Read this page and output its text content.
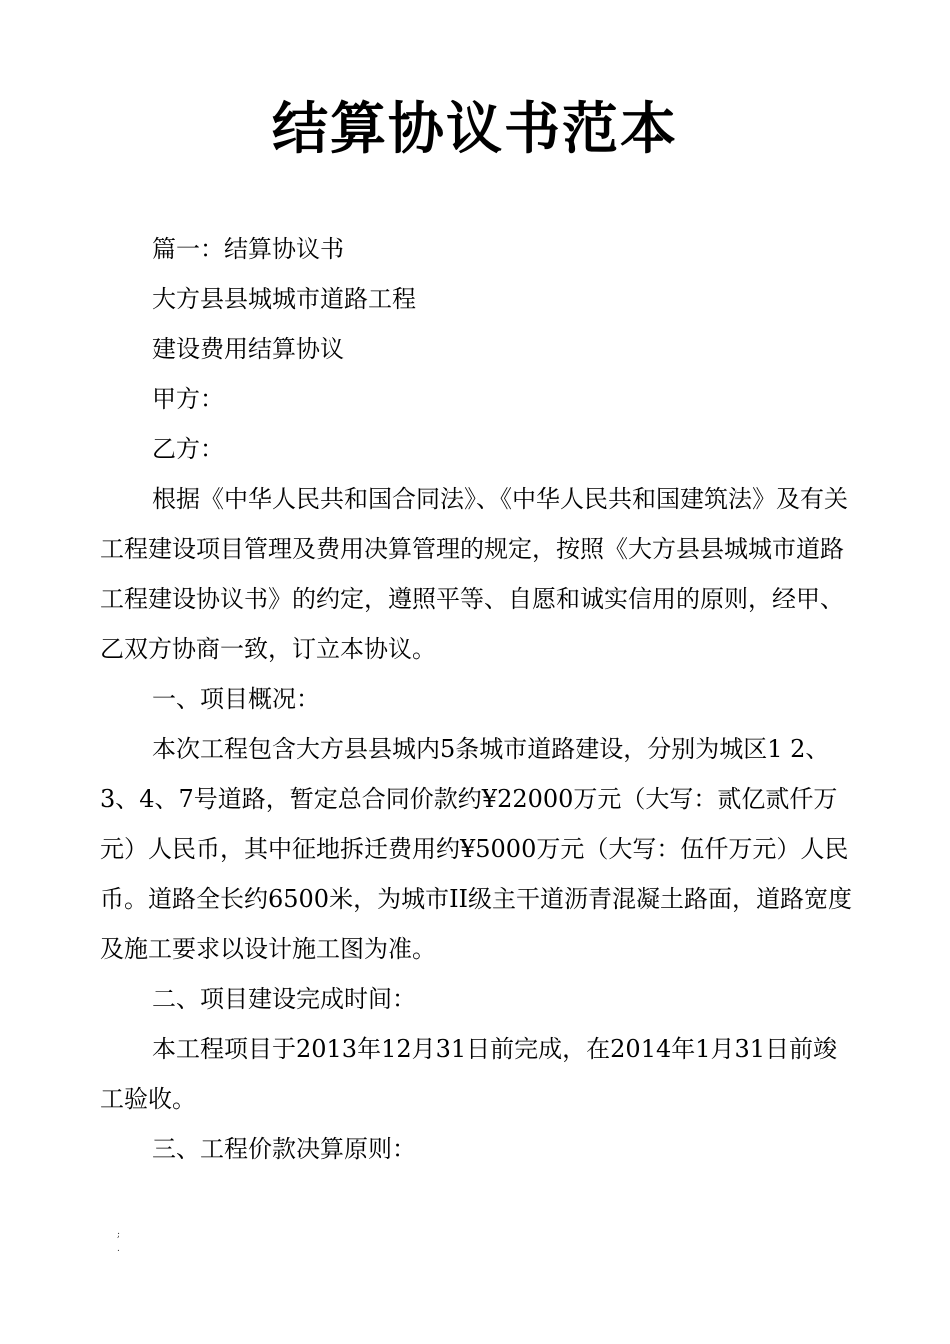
结算协议书范本

篇一：结算协议书

大方县县城城市道路工程

建设费用结算协议

甲方：

乙方：

根据《中华人民共和国合同法》、《中华人民共和国建筑法》及有关工程建设项目管理及费用决算管理的规定，按照《大方县县城城市道路工程建设协议书》的约定，遵照平等、自愿和诚实信用的原则，经甲、乙双方协商一致，订立本协议。

一、项目概况：

本次工程包含大方县县城内5条城市道路建设，分别为城区1 2、3、4、7号道路，暂定总合同价款约¥22000万元（大写：贰亿贰仟万元）人民币，其中征地拆迁费用约¥5000万元（大写：伍仟万元）人民币。道路全长约6500米，为城市II级主干道沥青混凝土路面，道路宽度及施工要求以设计施工图为准。

二、项目建设完成时间：

本工程项目于2013年12月31日前完成，在2014年1月31日前竣工验收。

三、工程价款决算原则：

;
.
